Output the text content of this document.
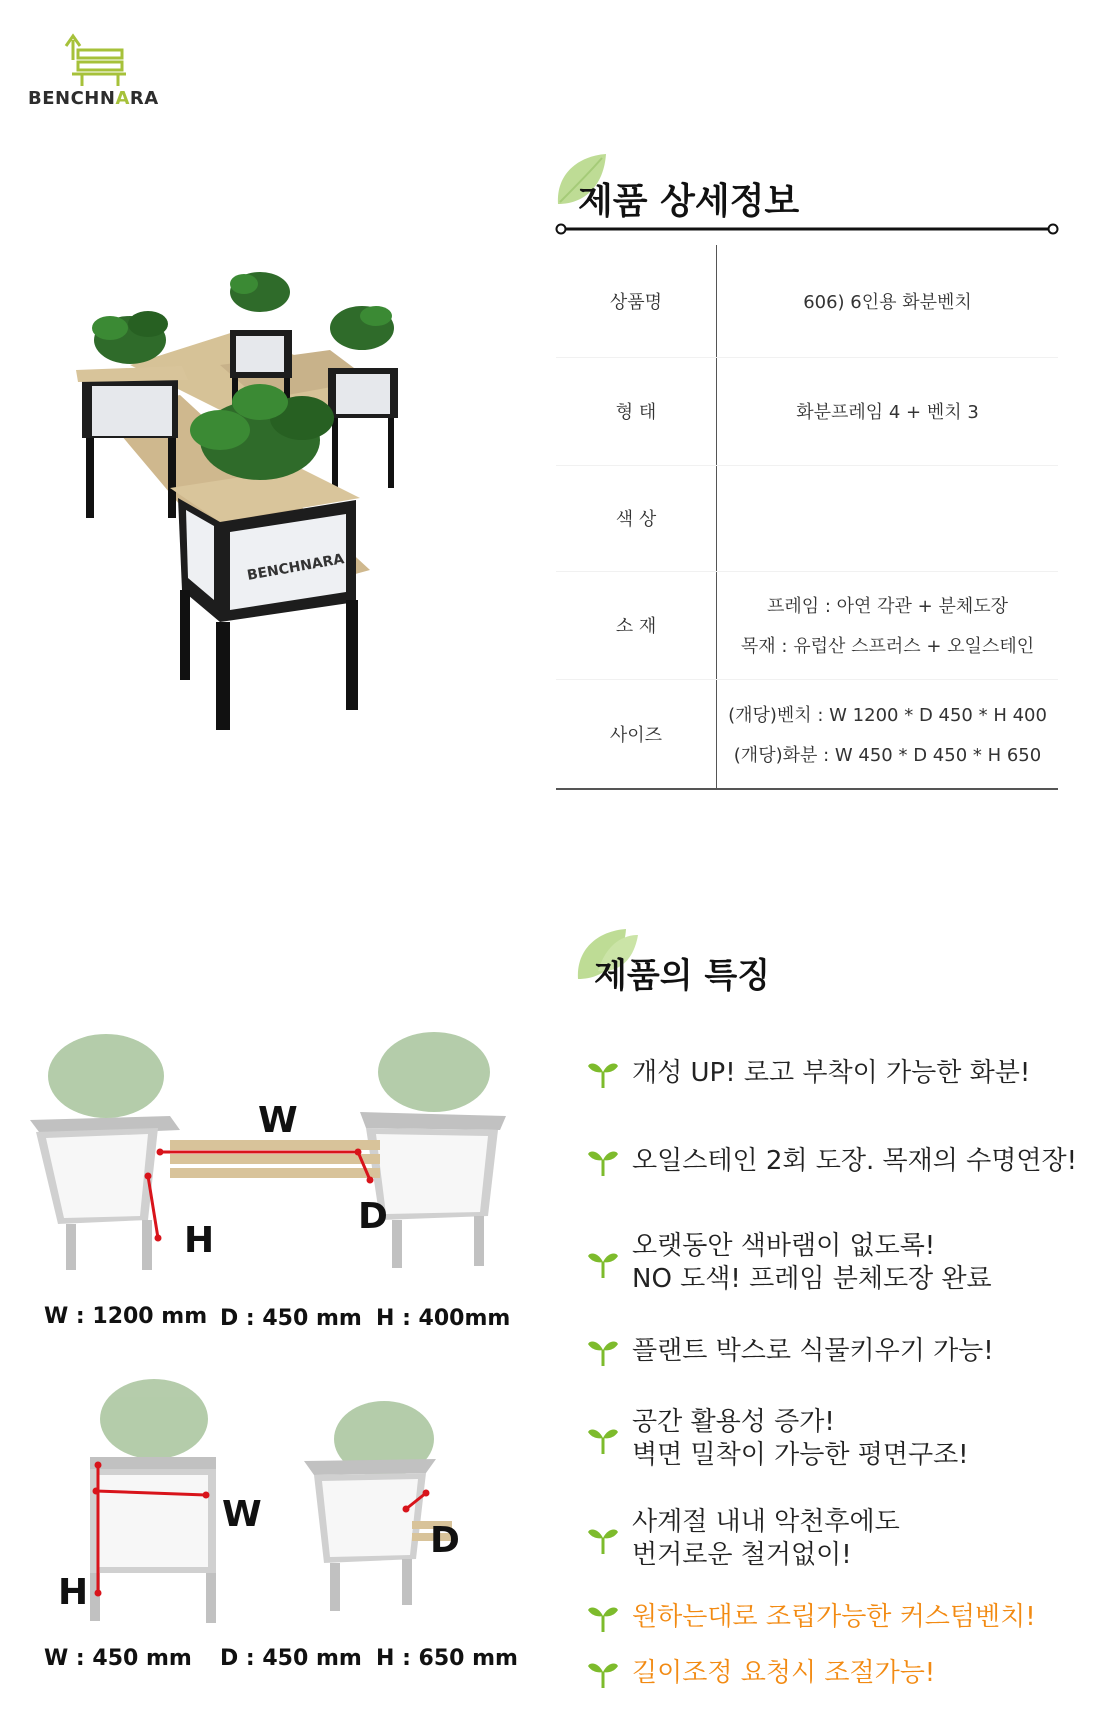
BENCHNARA
BENCHNARA
제품 상세정보
상품명	606) 6인용 화분벤치
형 태	화분프레임 4 + 벤치 3
색 상	
소 재	프레임 : 아연 각관 + 분체도장
목재 : 유럽산 스프러스 + 오일스테인

사이즈	(개당)벤치 : W 1200 * D 450 * H 400
(개당)화분 : W 450 * D 450 * H 650
제품의 특징
개성 UP! 로고 부착이 가능한 화분!
오일스테인 2회 도장. 목재의 수명연장!
오랫동안 색바램이 없도록!
NO 도색! 프레임 분체도장 완료
플랜트 박스로 식물키우기 가능!
공간 활용성 증가!
벽면 밀착이 가능한 평면구조!
사계절 내내 악천후에도
번거로운 철거없이!
원하는대로 조립가능한 커스텀벤치!
길이조정 요청시 조절가능!
W
D
H
W : 1200 mm D : 450 mm H : 400mm
W
D
H
W : 450 mm D : 450 mm H : 650 mm
